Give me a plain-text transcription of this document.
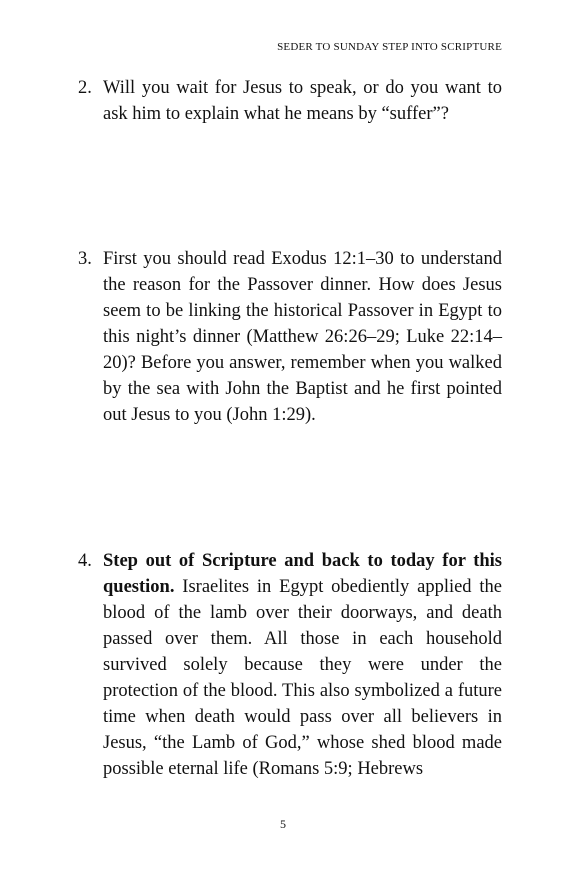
SEDER TO SUNDAY STEP INTO SCRIPTURE
2. Will you wait for Jesus to speak, or do you want to ask him to explain what he means by “suffer”?
3. First you should read Exodus 12:1–30 to understand the reason for the Passover dinner. How does Jesus seem to be linking the historical Passover in Egypt to this night’s dinner (Matthew 26:26–29; Luke 22:14–20)? Before you answer, remember when you walked by the sea with John the Baptist and he first pointed out Jesus to you (John 1:29).
4. Step out of Scripture and back to today for this question. Israelites in Egypt obediently applied the blood of the lamb over their doorways, and death passed over them. All those in each household survived solely because they were under the protection of the blood. This also symbolized a future time when death would pass over all believers in Jesus, “the Lamb of God,” whose shed blood made possible eternal life (Romans 5:9; Hebrews
5
